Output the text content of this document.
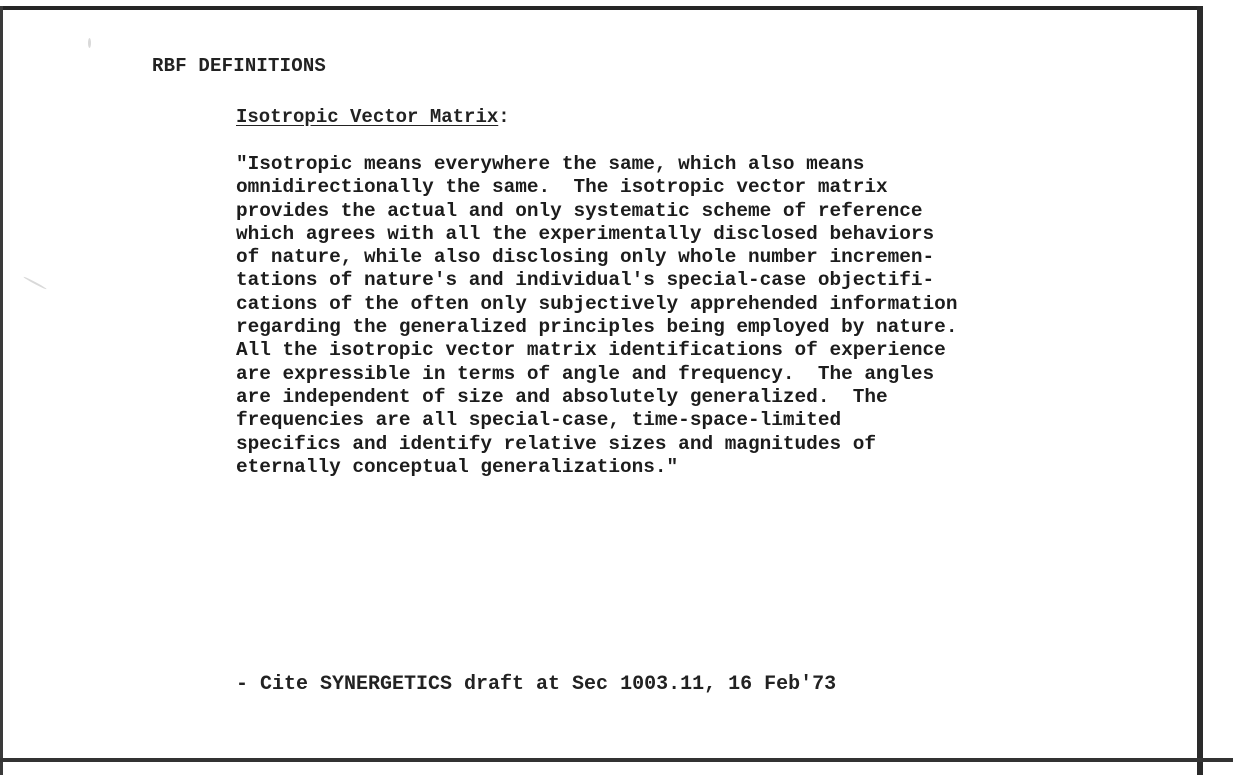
RBF DEFINITIONS
Isotropic Vector Matrix:
"Isotropic means everywhere the same, which also means
omnidirectionally the same.  The isotropic vector matrix
provides the actual and only systematic scheme of reference
which agrees with all the experimentally disclosed behaviors
of nature, while also disclosing only whole number incremen-
tations of nature's and individual's special-case objectifi-
cations of the often only subjectively apprehended information
regarding the generalized principles being employed by nature.
All the isotropic vector matrix identifications of experience
are expressible in terms of angle and frequency.  The angles
are independent of size and absolutely generalized.  The
frequencies are all special-case, time-space-limited
specifics and identify relative sizes and magnitudes of
eternally conceptual generalizations."
- Cite SYNERGETICS draft at Sec 1003.11, 16 Feb'73
